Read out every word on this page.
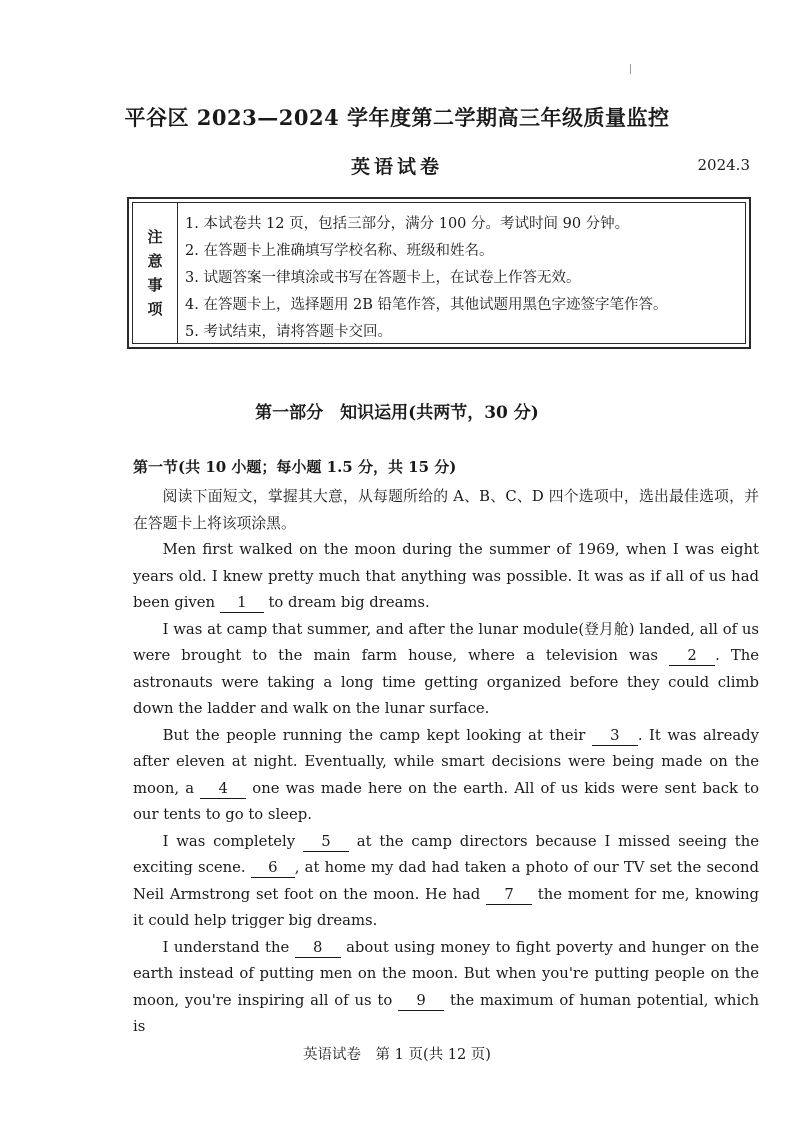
平谷区 2023—2024 学年度第二学期高三年级质量监控
英语试卷	2024.3
注
意
事
项
1. 本试卷共 12 页，包括三部分，满分 100 分。考试时间 90 分钟。
2. 在答题卡上准确填写学校名称、班级和姓名。
3. 试题答案一律填涂或书写在答题卡上，在试卷上作答无效。
4. 在答题卡上，选择题用 2B 铅笔作答，其他试题用黑色字迹签字笔作答。
5. 考试结束，请将答题卡交回。
第一部分　知识运用(共两节，30 分)
第一节(共 10 小题；每小题 1.5 分，共 15 分)

阅读下面短文，掌握其大意，从每题所给的 A、B、C、D 四个选项中，选出最佳选项，并在答题卡上将该项涂黑。

Men first walked on the moon during the summer of 1969, when I was eight years old. I knew pretty much that anything was possible. It was as if all of us had been given 1 to dream big dreams.

I was at camp that summer, and after the lunar module(登月舱) landed, all of us were brought to the main farm house, where a television was 2 . The astronauts were taking a long time getting organized before they could climb down the ladder and walk on the lunar surface.

But the people running the camp kept looking at their 3 . It was already after eleven at night. Eventually, while smart decisions were being made on the moon, a 4 one was made here on the earth. All of us kids were sent back to our tents to go to sleep.

I was completely 5 at the camp directors because I missed seeing the exciting scene. 6 , at home my dad had taken a photo of our TV set the second Neil Armstrong set foot on the moon. He had 7 the moment for me, knowing it could help trigger big dreams.

I understand the 8 about using money to fight poverty and hunger on the earth instead of putting men on the moon. But when you're putting people on the moon, you're inspiring all of us to 9 the maximum of human potential, which is

英语试卷　第 1 页(共 12 页)
